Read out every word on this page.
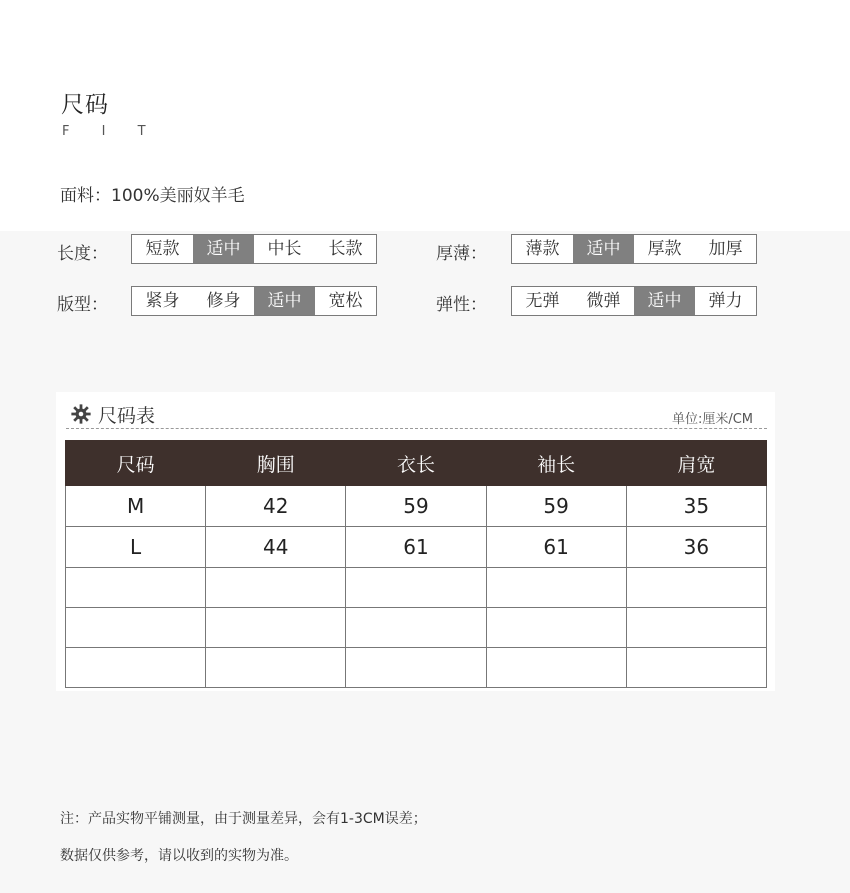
尺码
F I T
面料：100%美丽奴羊毛
长度：	短款	适中	中长	长款	厚薄：	薄款	适中	厚款	加厚
版型：	紧身	修身	适中	宽松	弹性：	无弹	微弹	适中	弹力
尺码表	单位:厘米/CM
尺码	胸围	衣长	袖长	肩宽
M	42	59	59	35
L	44	61	61	36

注：产品实物平铺测量，由于测量差异，会有1-3CM误差；
数据仅供参考，请以收到的实物为准。
